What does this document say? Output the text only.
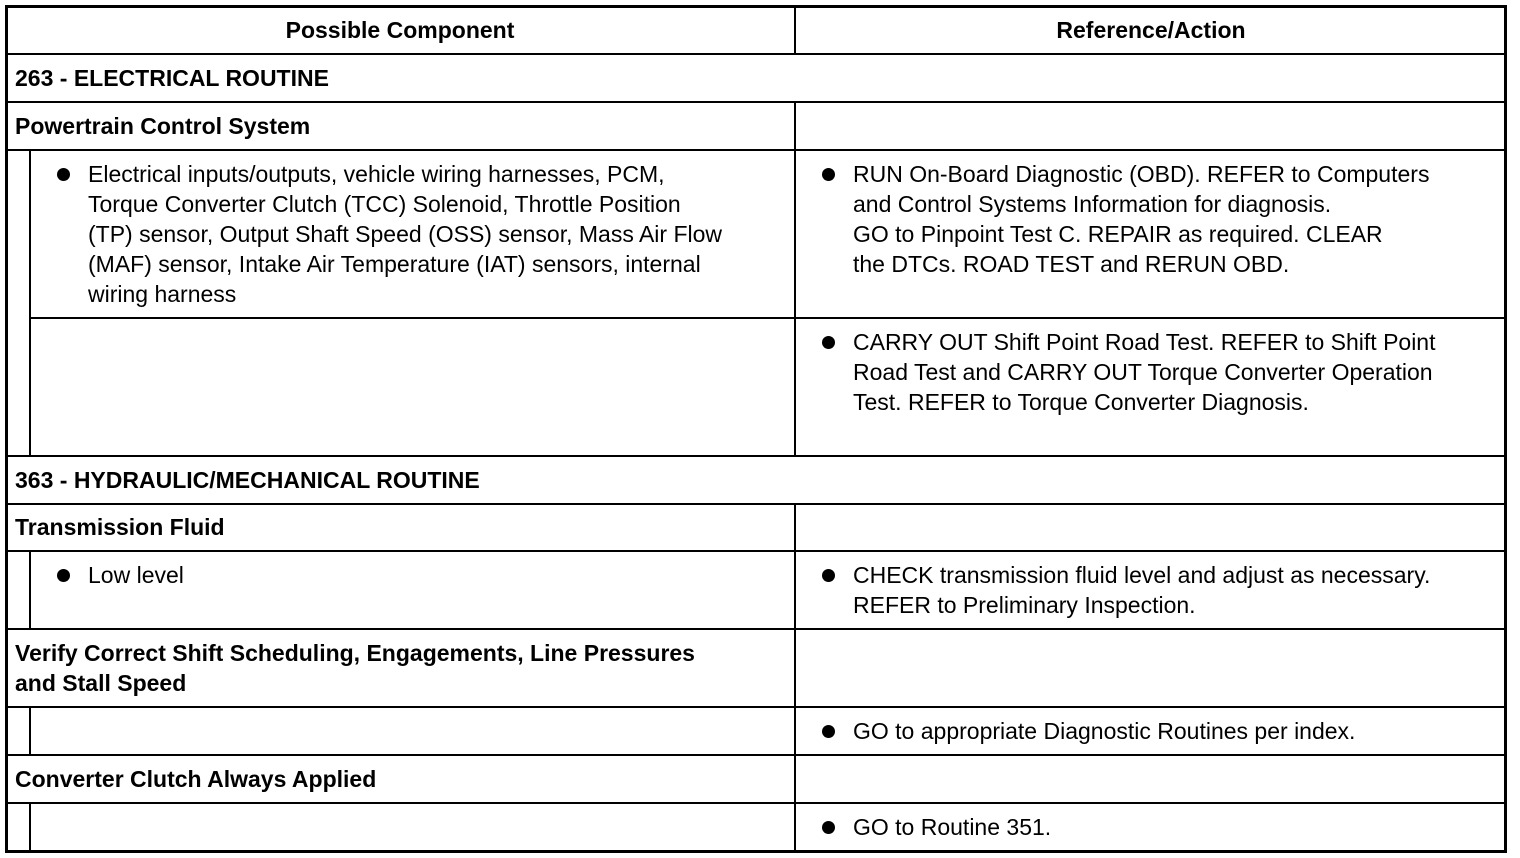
Possible Component	Reference/Action
263 - ELECTRICAL ROUTINE
Powertrain Control System
Electrical inputs/outputs, vehicle wiring harnesses, PCM,
Torque Converter Clutch (TCC) Solenoid, Throttle Position
(TP) sensor, Output Shaft Speed (OSS) sensor, Mass Air Flow
(MAF) sensor, Intake Air Temperature (IAT) sensors, internal
wiring harness
RUN On-Board Diagnostic (OBD). REFER to Computers
and Control Systems Information for diagnosis.
GO to Pinpoint Test C. REPAIR as required. CLEAR
the DTCs. ROAD TEST and RERUN OBD.
CARRY OUT Shift Point Road Test. REFER to Shift Point
Road Test and CARRY OUT Torque Converter Operation
Test. REFER to Torque Converter Diagnosis.
363 - HYDRAULIC/MECHANICAL ROUTINE
Transmission Fluid
Low level	CHECK transmission fluid level and adjust as necessary.
REFER to Preliminary Inspection.
Verify Correct Shift Scheduling, Engagements, Line Pressures
and Stall Speed
GO to appropriate Diagnostic Routines per index.
Converter Clutch Always Applied
GO to Routine 351.
